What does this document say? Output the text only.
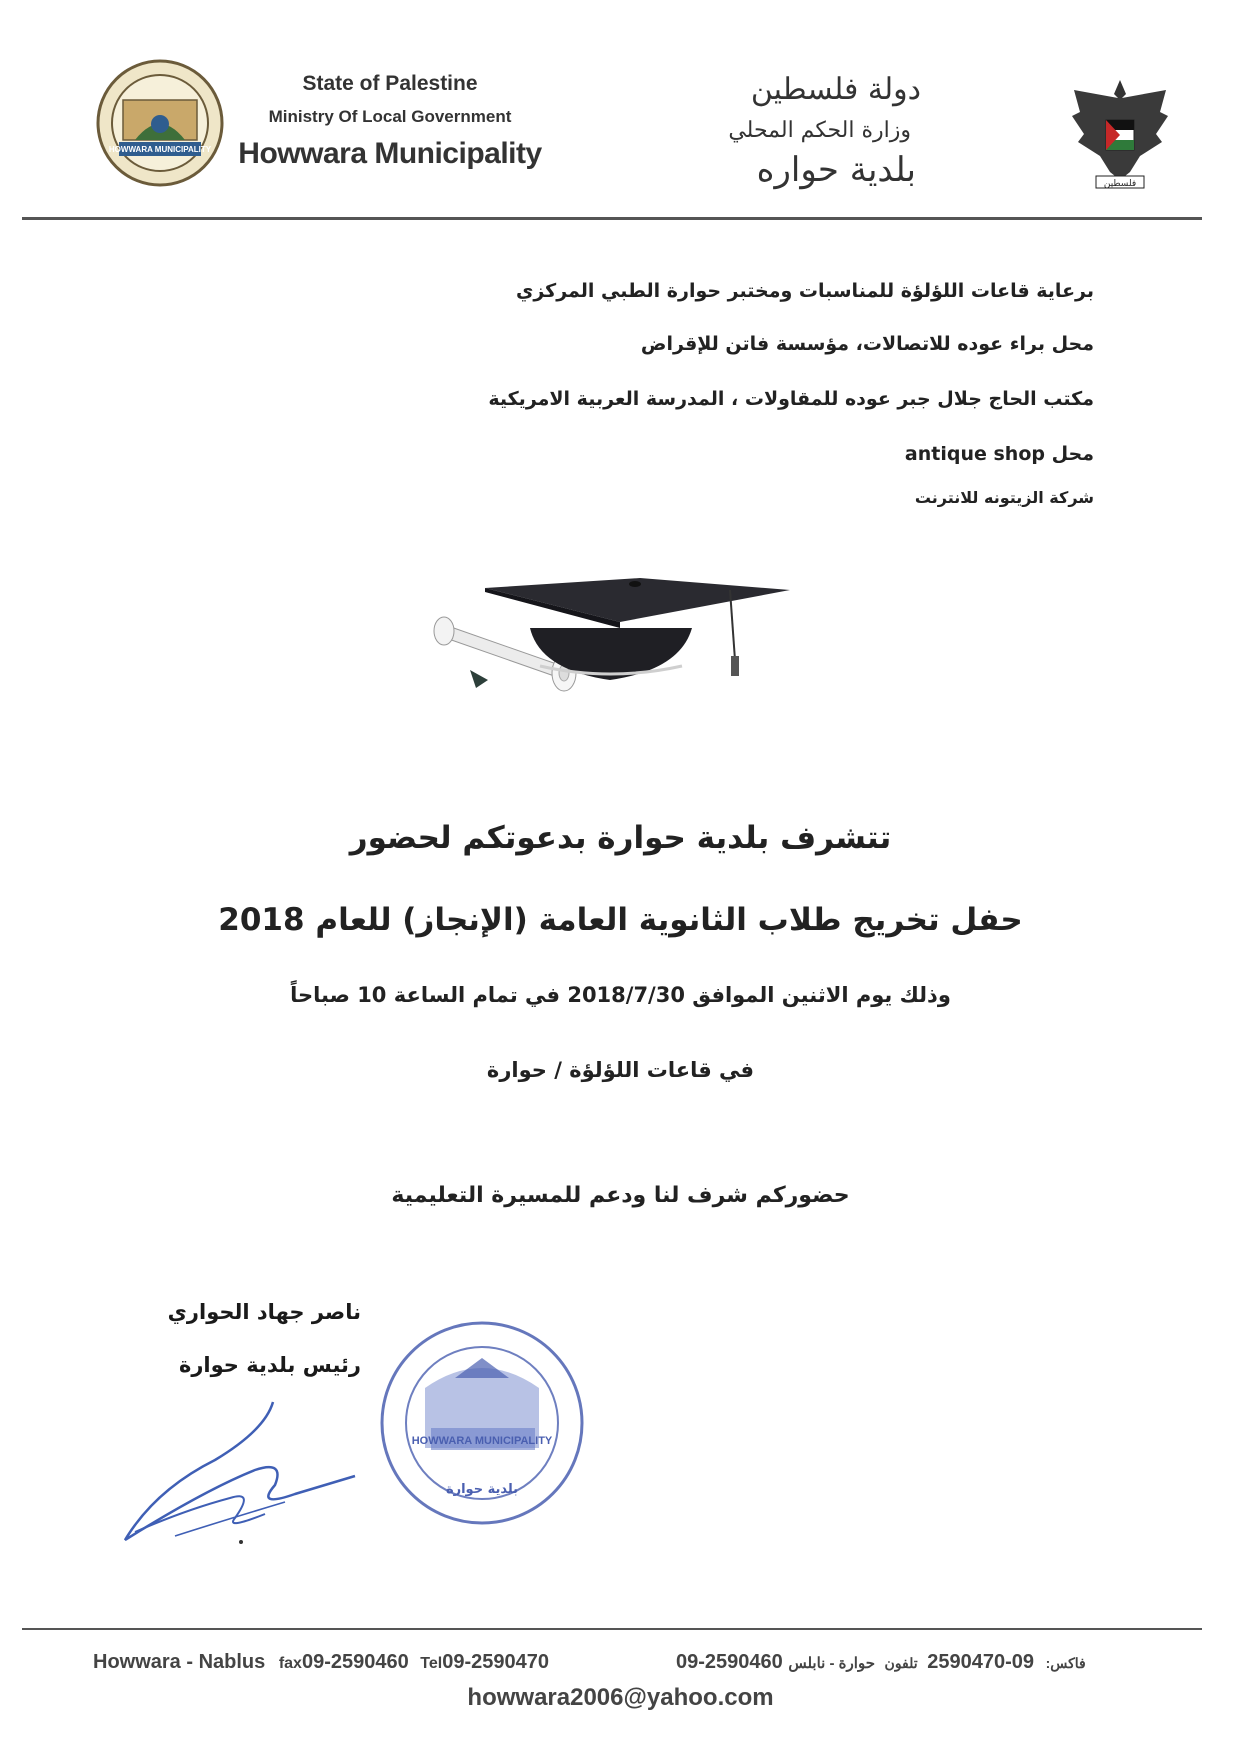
HOWWARA MUNICIPALITY
State of Palestine
Ministry Of Local Government
Howwara Municipality
دولة فلسطين
وزارة الحكم المحلي
بلدية حواره	فلسطين
برعاية قاعات اللؤلؤة للمناسبات ومختبر حوارة الطبي المركزي
محل براء عوده للاتصالات، مؤسسة فاتن للإقراض
مكتب الحاج جلال جبر عوده للمقاولات ، المدرسة العربية الامريكية
محل antique shop
شركة الزيتونه للانترنت
تتشرف بلدية حوارة بدعوتكم لحضور
حفل تخريج طلاب الثانوية العامة (الإنجاز) للعام 2018
وذلك يوم الاثنين الموافق 2018/7/30 في تمام الساعة 10 صباحاً
في قاعات اللؤلؤة / حوارة
حضوركم شرف لنا ودعم للمسيرة التعليمية
ناصر جهاد الحواري
رئيس بلدية حوارة
HOWWARA MUNICIPALITY
بلدية حوارة
Howwara - Nablus fax09-2590460 Tel09-2590470	09-2590460	فاكس: 09-2590470 تلفون حوارة - نابلس
howwara2006@yahoo.com
